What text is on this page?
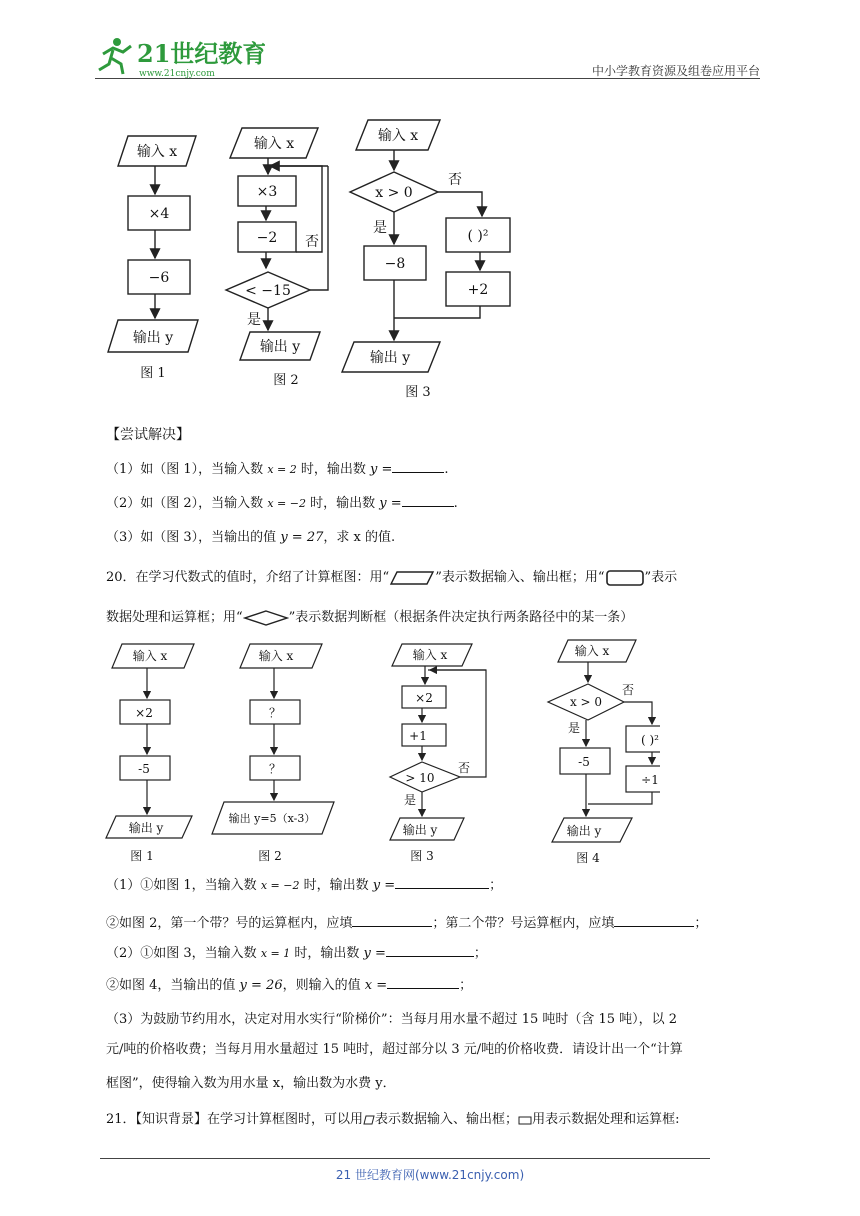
21世纪教育
www.21cnjy.com	中小学教育资源及组卷应用平台
输入 x
×4
−6
输出 y
图 1
输入 x
×3
−2
< −15
否
是
输出 y
图 2
输入 x
x > 0
否
是
−8
( )²
+2
输出 y
图 3
【尝试解决】
（1）如（图 1），当输入数 x = 2 时，输出数 y =	.
（2）如（图 2），当输入数 x = −2 时，输出数 y =	.
（3）如（图 3），当输出的值 y = 27，求 x 的值.
20．在学习代数式的值时，介绍了计算框图：用“	”表示数据输入、输出框；用“	”表示
数据处理和运算框；用“	”表示数据判断框（根据条件决定执行两条路径中的某一条）
输入 x
×2
-5
输出 y
图 1
输入 x
？
？
输出 y=5（x-3）
图 2
输入 x
×2
+1
> 10
否
是
输出 y
图 3
输入 x
x > 0
否
是
-5
( )²
÷1
输出 y
图 4
（1）①如图 1，当输入数 x = −2 时，输出数 y =	；
②如图 2，第一个带？号的运算框内，应填	；第二个带？号运算框内，应填	；
（2）①如图 3，当输入数 x = 1 时，输出数 y =	；
②如图 4，当输出的值 y = 26，则输入的值 x =	；
（3）为鼓励节约用水，决定对用水实行“阶梯价”：当每月用水量不超过 15 吨时（含 15 吨），以 2
元/吨的价格收费；当每月用水量超过 15 吨时，超过部分以 3 元/吨的价格收费．请设计出一个“计算
框图”，使得输入数为用水量 x，输出数为水费 y．
21．【知识背景】在学习计算框图时，可以用 表示数据输入、输出框； 用表示数据处理和运算框:
21 世纪教育网(www.21cnjy.com)
